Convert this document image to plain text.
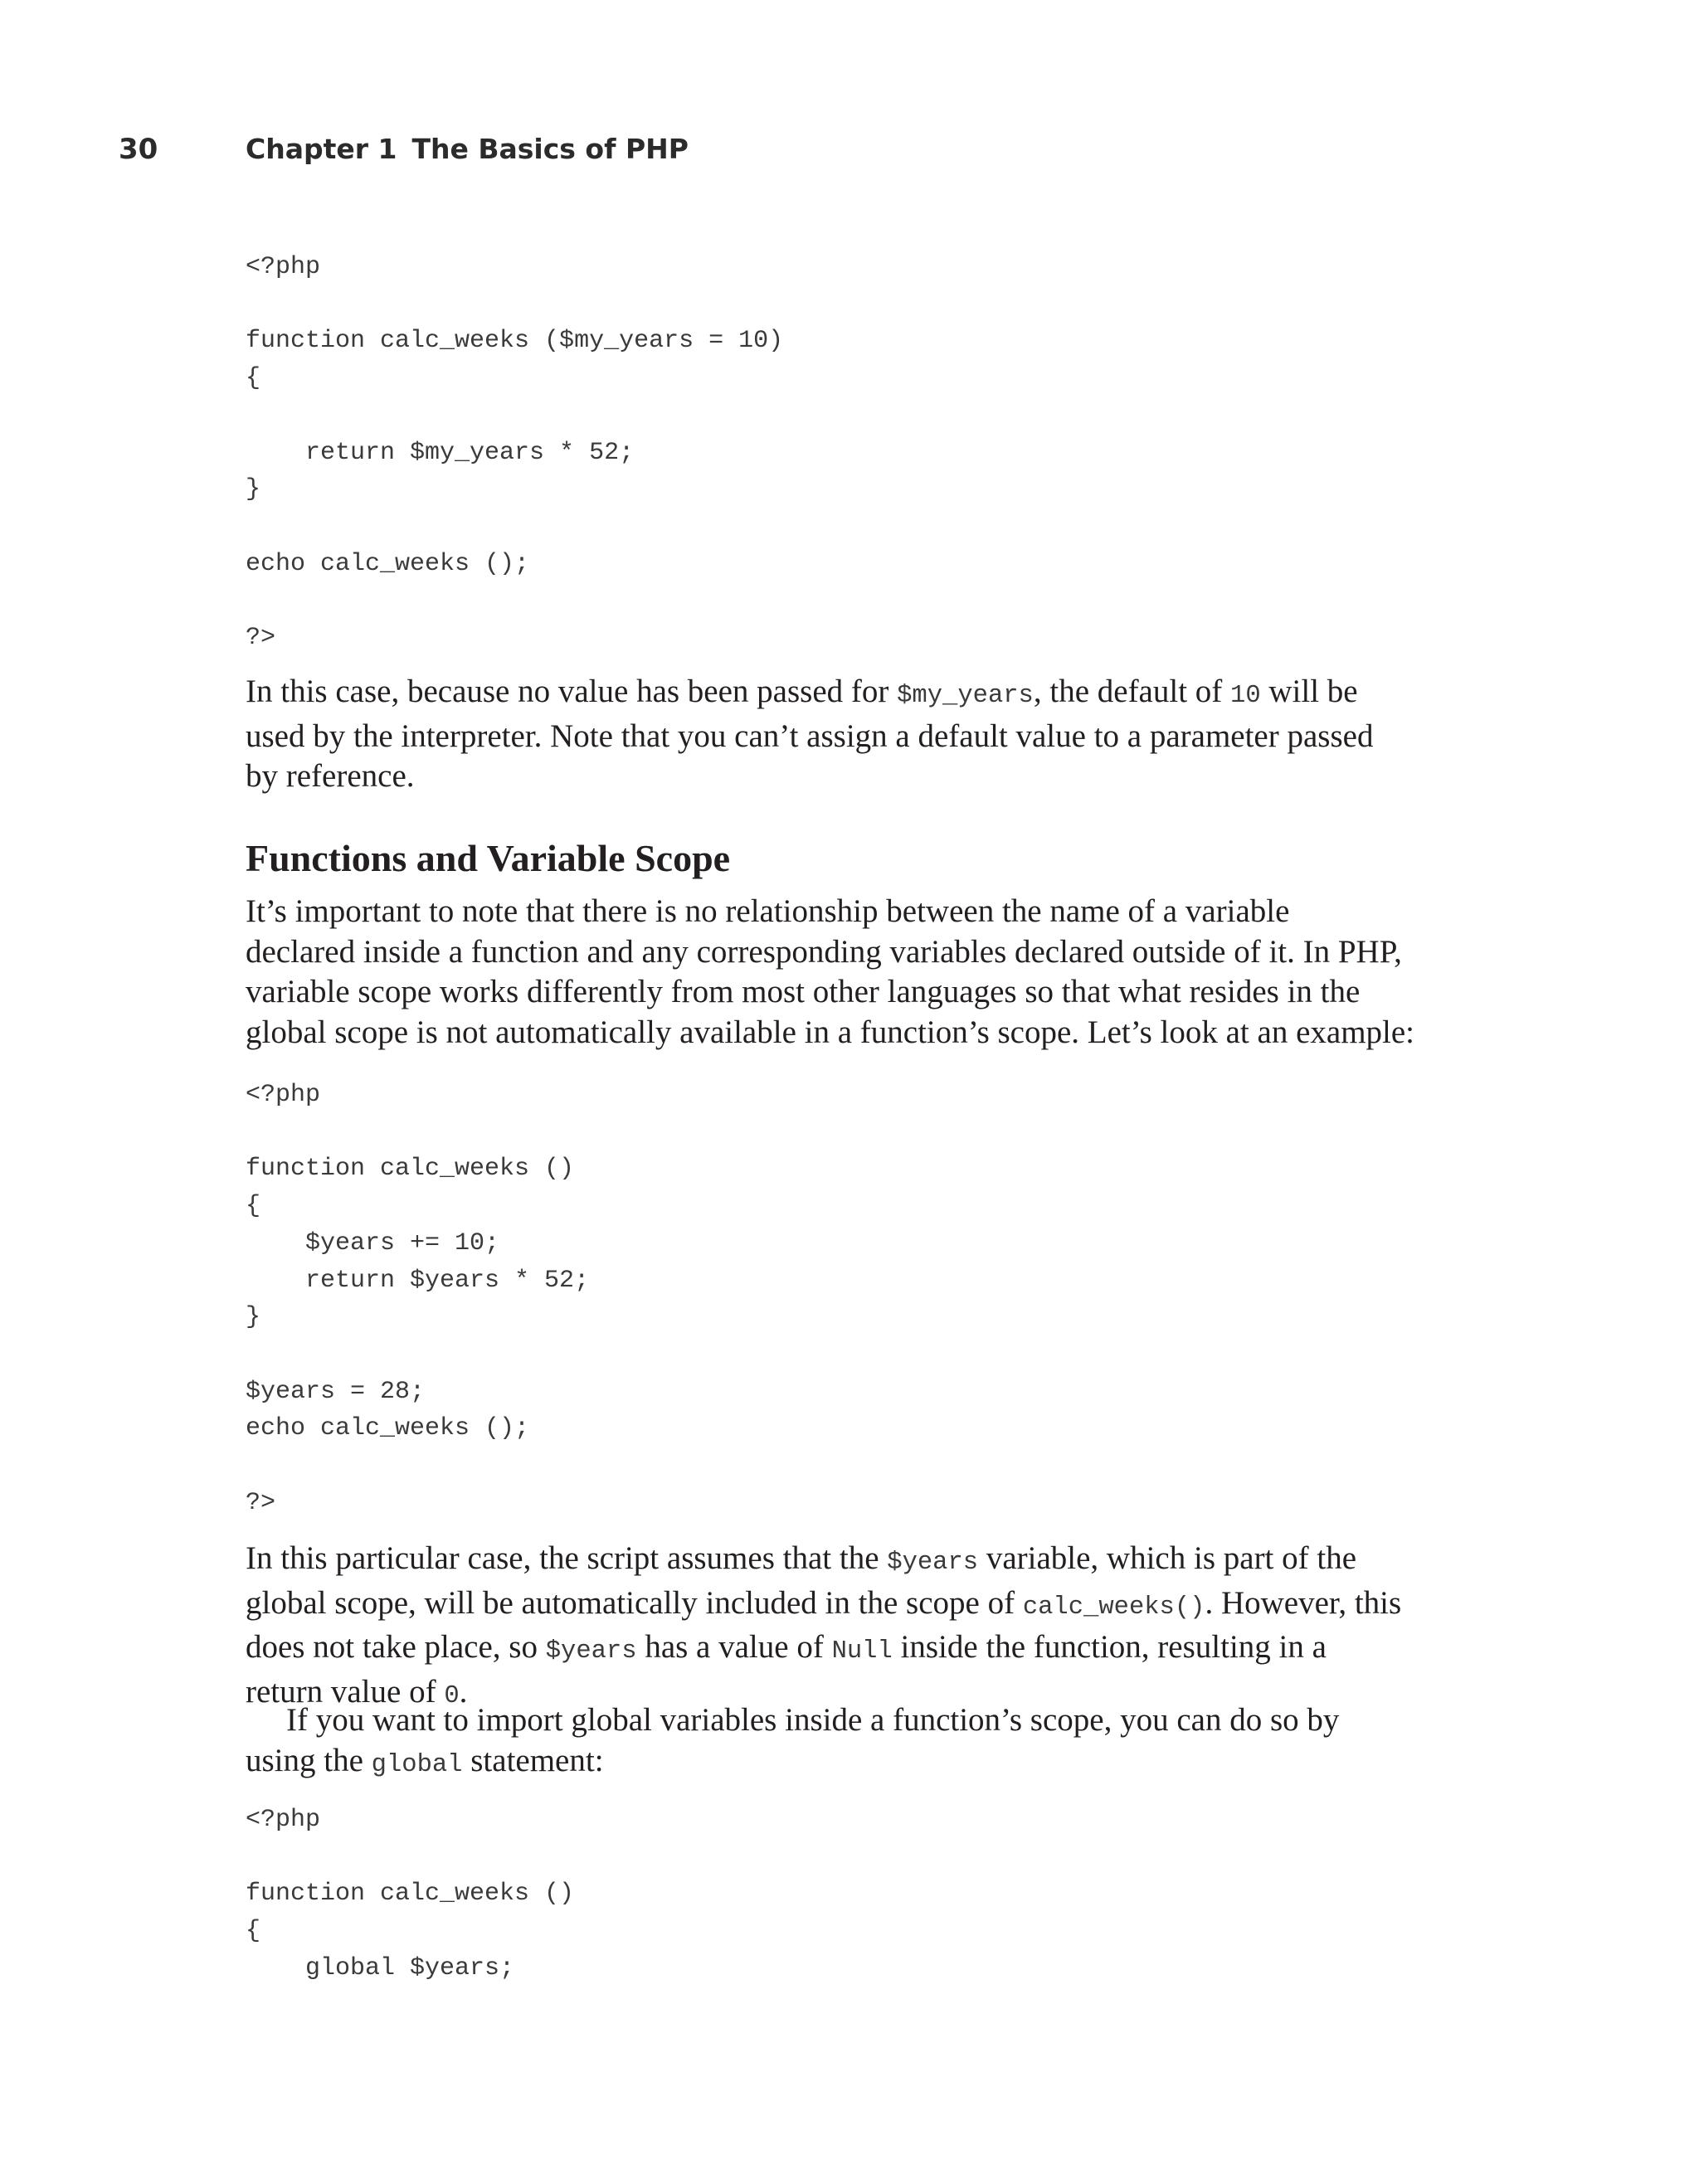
30	Chapter 1 The Basics of PHP
<?php

function calc_weeks ($my_years = 10)
{

return $my_years * 52;
}

echo calc_weeks ();

?>

In this case, because no value has been passed for $my_years, the default of 10 will be
used by the interpreter. Note that you can’t assign a default value to a parameter passed
by reference.

Functions and Variable Scope

It’s important to note that there is no relationship between the name of a variable
declared inside a function and any corresponding variables declared outside of it. In PHP,
variable scope works differently from most other languages so that what resides in the
global scope is not automatically available in a function’s scope. Let’s look at an example:

<?php

function calc_weeks ()
{
$years += 10;
return $years * 52;
}

$years = 28;
echo calc_weeks ();

?>

In this particular case, the script assumes that the $years variable, which is part of the
global scope, will be automatically included in the scope of calc_weeks(). However, this
does not take place, so $years has a value of Null inside the function, resulting in a
return value of 0.

If you want to import global variables inside a function’s scope, you can do so by
using the global statement:

<?php

function calc_weeks ()
{
global $years;
